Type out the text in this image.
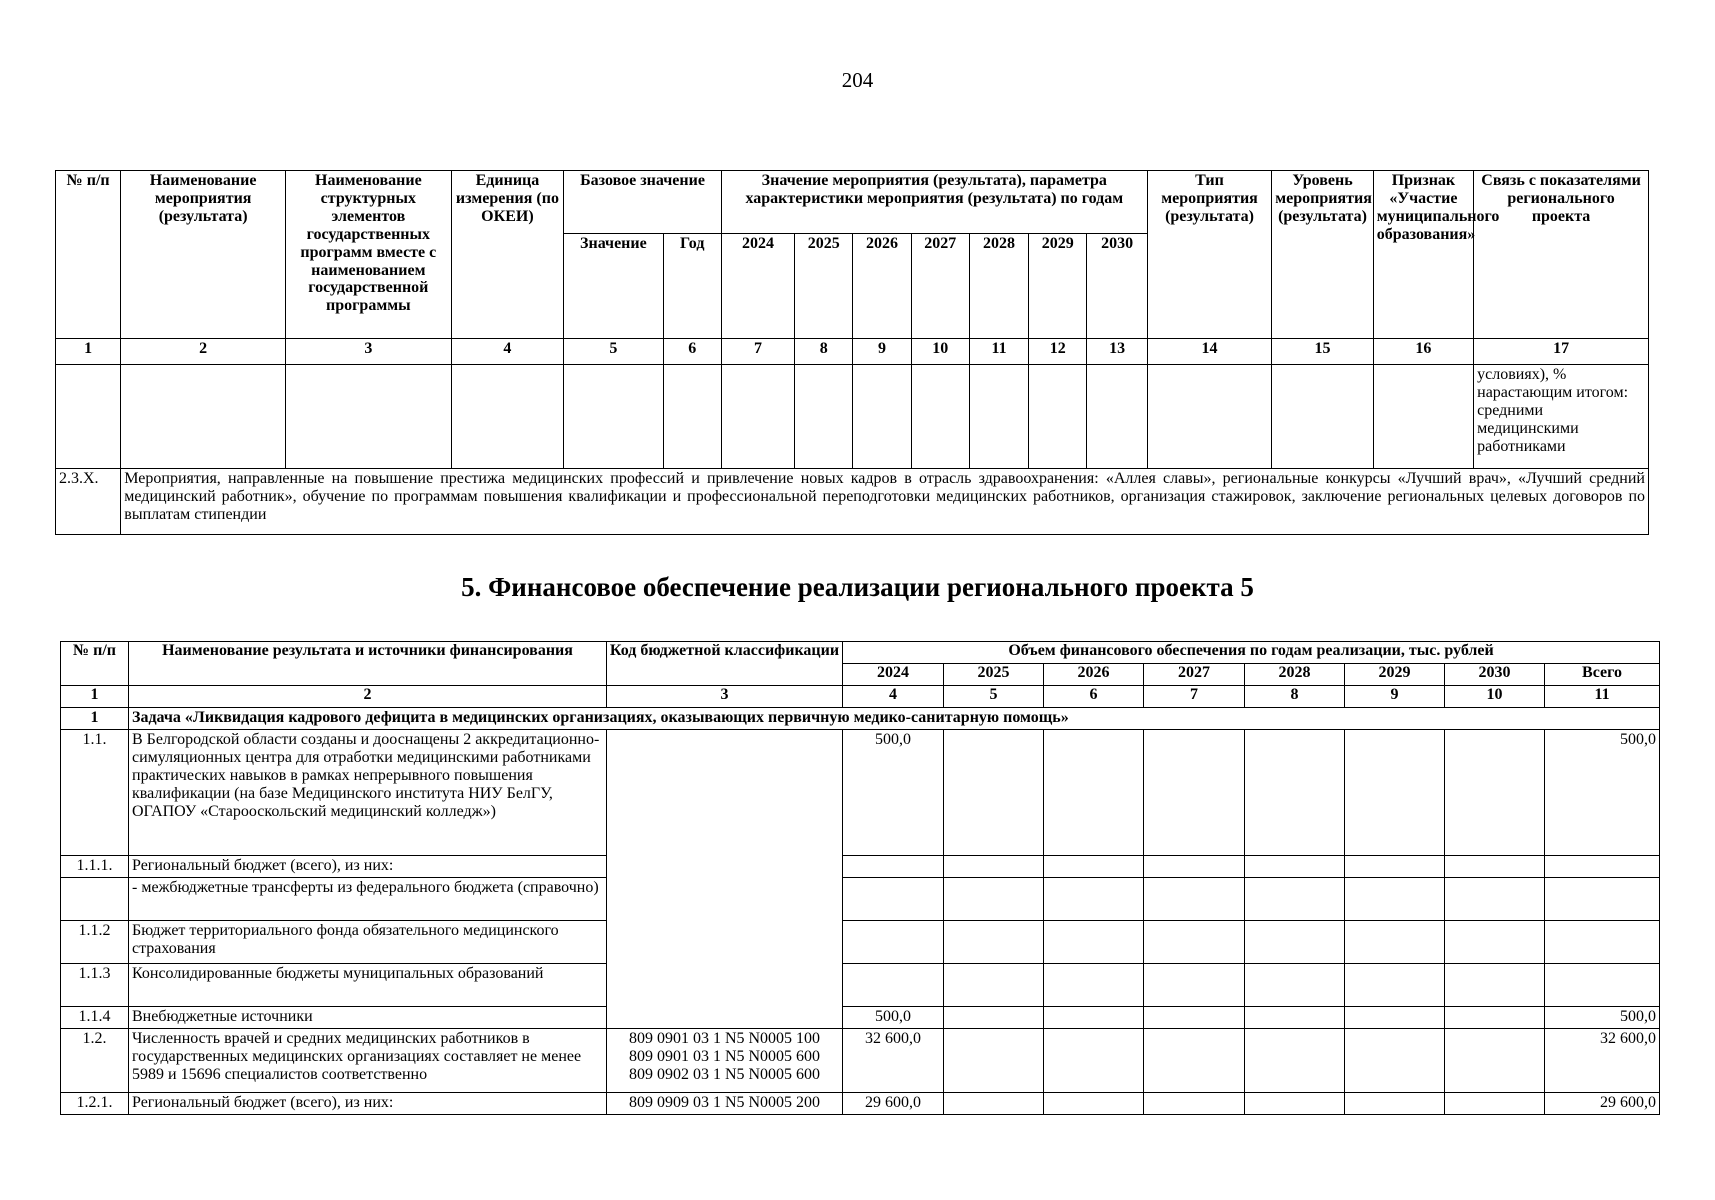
204
№ п/п	Наименование мероприятия (результата)	Наименование структурных элементов государственных программ вместе с наименованием государственной программы	Единица измерения (по ОКЕИ)	Базовое значение		Значение мероприятия (результата), параметра характеристики мероприятия (результата) по годам							Тип мероприятия (результата)	Уровень мероприятия (результата)	Признак «Участие муниципального образования»	Связь с показателями регионального проекта
				Значение	Год	2024	2025	2026	2027	2028	2029	2030				
1	2	3	4	5	6	7	8	9	10	11	12	13	14	15	16	17
																условиях), % нарастающим итогом: средними медицинскими работниками
2.3.Х.	Мероприятия, направленные на повышение престижа медицинских профессий и привлечение новых кадров в отрасль здравоохранения: «Аллея славы», региональные конкурсы «Лучший врач», «Лучший средний медицинский работник», обучение по программам повышения квалификации и профессиональной переподготовки медицинских работников, организация стажировок, заключение региональных целевых договоров по выплатам стипендии															
5. Финансовое обеспечение реализации регионального проекта 5
№ п/п	Наименование результата и источники финансирования	Код бюджетной классификации	Объем финансового обеспечения по годам реализации, тыс. рублей							
			2024	2025	2026	2027	2028	2029	2030	Всего
1	2	3	4	5	6	7	8	9	10	11
1	Задача «Ликвидация кадрового дефицита в медицинских организациях, оказывающих первичную медико-санитарную помощь»									
1.1.	В Белгородской области созданы и дооснащены 2 аккредитационно-симуляционных центра для отработки медицинскими работниками практических навыков в рамках непрерывного повышения квалификации (на базе Медицинского института НИУ БелГУ, ОГАПОУ «Старооскольский медицинский колледж»)		500,0							500,0
1.1.1.	Региональный бюджет (всего), из них:									
	- межбюджетные трансферты из федерального бюджета (справочно)									
1.1.2	Бюджет территориального фонда обязательного медицинского страхования									
1.1.3	Консолидированные бюджеты муниципальных образований									
1.1.4	Внебюджетные источники		500,0							500,0
1.2.	Численность врачей и средних медицинских работников в государственных медицинских организациях составляет не менее 5989 и 15696 специалистов соответственно	809 0901 03 1 N5 N0005 100
809 0901 03 1 N5 N0005 600
809 0902 03 1 N5 N0005 600	32 600,0							32 600,0
1.2.1.	Региональный бюджет (всего), из них:	809 0909 03 1 N5 N0005 200	29 600,0							29 600,0
